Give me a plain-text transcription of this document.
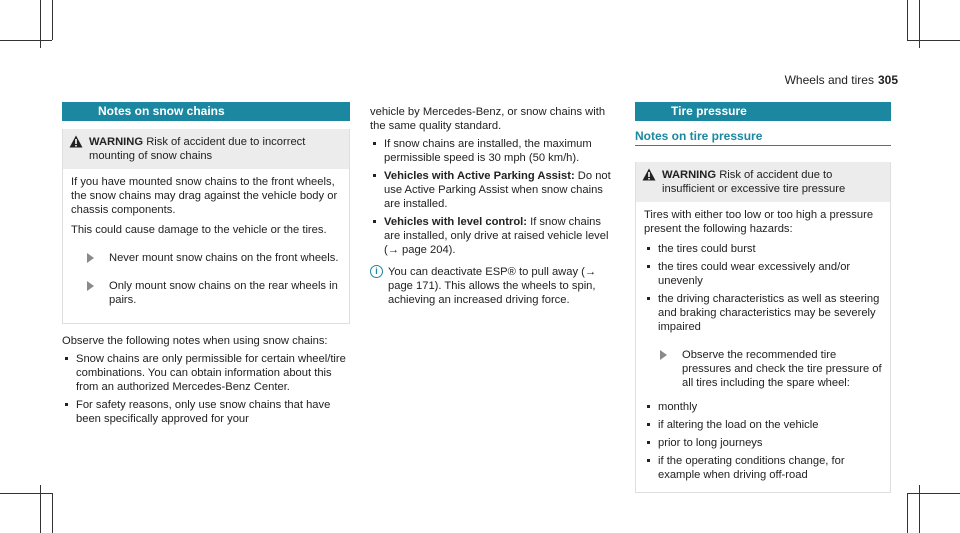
Wheels and tires 305
Notes on snow chains
WARNING Risk of accident due to incorrect mounting of snow chains

If you have mounted snow chains to the front wheels, the snow chains may drag against the vehicle body or chassis components.

This could cause damage to the vehicle or the tires.

Never mount snow chains on the front wheels.
Only mount snow chains on the rear wheels in pairs.

Observe the following notes when using snow chains:

Snow chains are only permissible for certain wheel/tire combinations. You can obtain information about this from an authorized Mercedes-Benz Center.
For safety reasons, only use snow chains that have been specifically approved for your

vehicle by Mercedes-Benz, or snow chains with the same quality standard.

If snow chains are installed, the maximum permissible speed is 30 mph (50 km/h).
Vehicles with Active Parking Assist: Do not use Active Parking Assist when snow chains are installed.
Vehicles with level control: If snow chains are installed, only drive at raised vehicle level (→ page 204).
i You can deactivate ESP® to pull away (→ page 171). This allows the wheels to spin, achieving an increased driving force.
Tire pressure
Notes on tire pressure
WARNING Risk of accident due to insufficient or excessive tire pressure

Tires with either too low or too high a pressure present the following hazards:

the tires could burst
the tires could wear excessively and/or unevenly
the driving characteristics as well as steering and braking characteristics may be severely impaired
Observe the recommended tire pressures and check the tire pressure of all tires including the spare wheel:
monthly
if altering the load on the vehicle
prior to long journeys
if the operating conditions change, for example when driving off-road
